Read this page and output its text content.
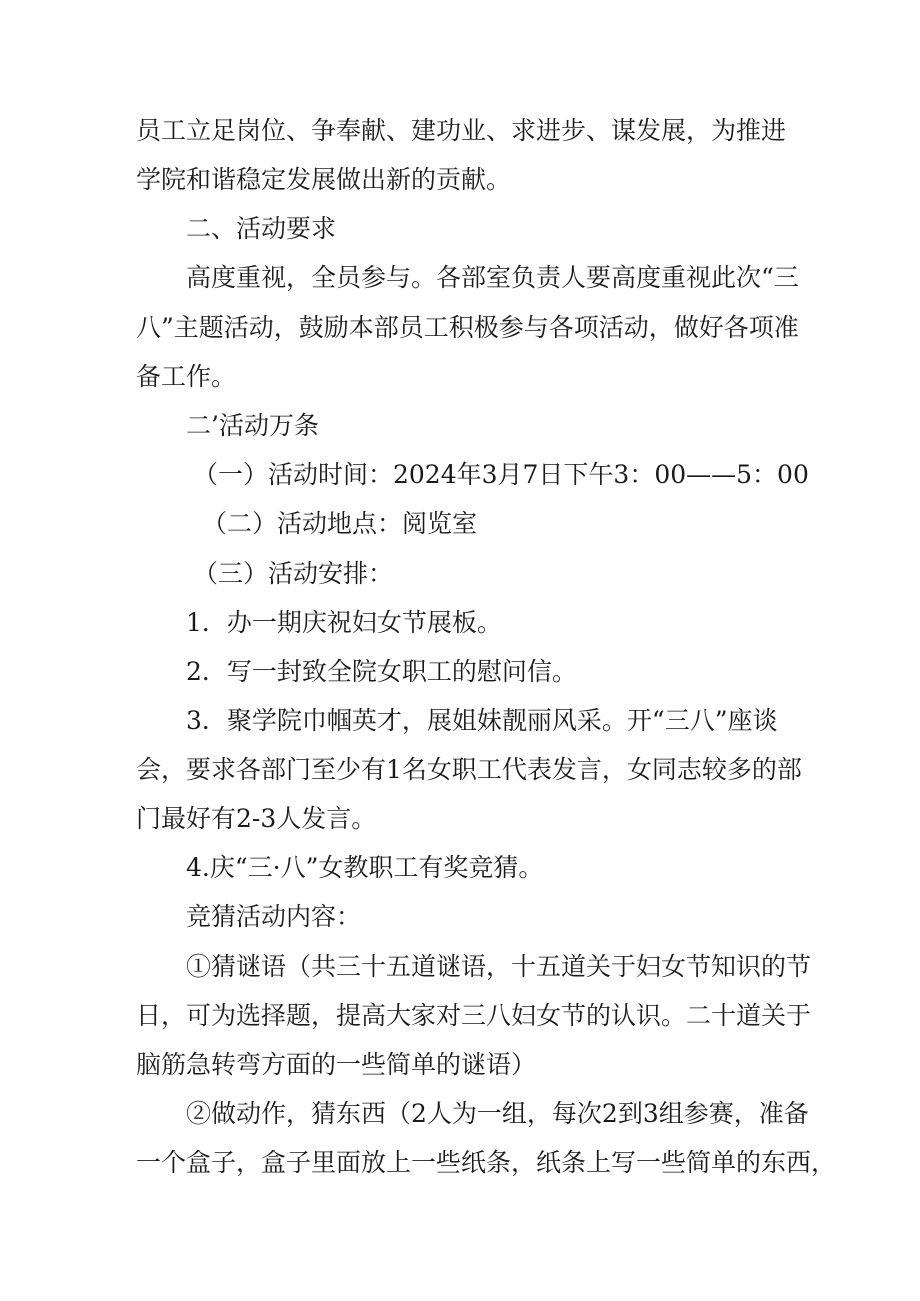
员工立足岗位、争奉献、建功业、求进步、谋发展，为推进
学院和谐稳定发展做出新的贡献。
二、活动要求
高度重视，全员参与。各部室负责人要高度重视此次“三
八”主题活动，鼓励本部员工积极参与各项活动，做好各项准
备工作。
二’活动万条
（一）活动时间：2024年3月7日下午3：00——5：00
（二）活动地点：阅览室
（三）活动安排：
1．办一期庆祝妇女节展板。
2．写一封致全院女职工的慰问信。
3．聚学院巾帼英才，展姐妹靓丽风采。开“三八”座谈
会，要求各部门至少有1名女职工代表发言，女同志较多的部
门最好有2-3人发言。
4.庆“三·八”女教职工有奖竞猜。
竞猜活动内容：
①猜谜语（共三十五道谜语，十五道关于妇女节知识的节
日，可为选择题，提高大家对三八妇女节的认识。二十道关于
脑筋急转弯方面的一些简单的谜语）
②做动作，猜东西（2人为一组，每次2到3组参赛，准备
一个盒子，盒子里面放上一些纸条，纸条上写一些简单的东西，
